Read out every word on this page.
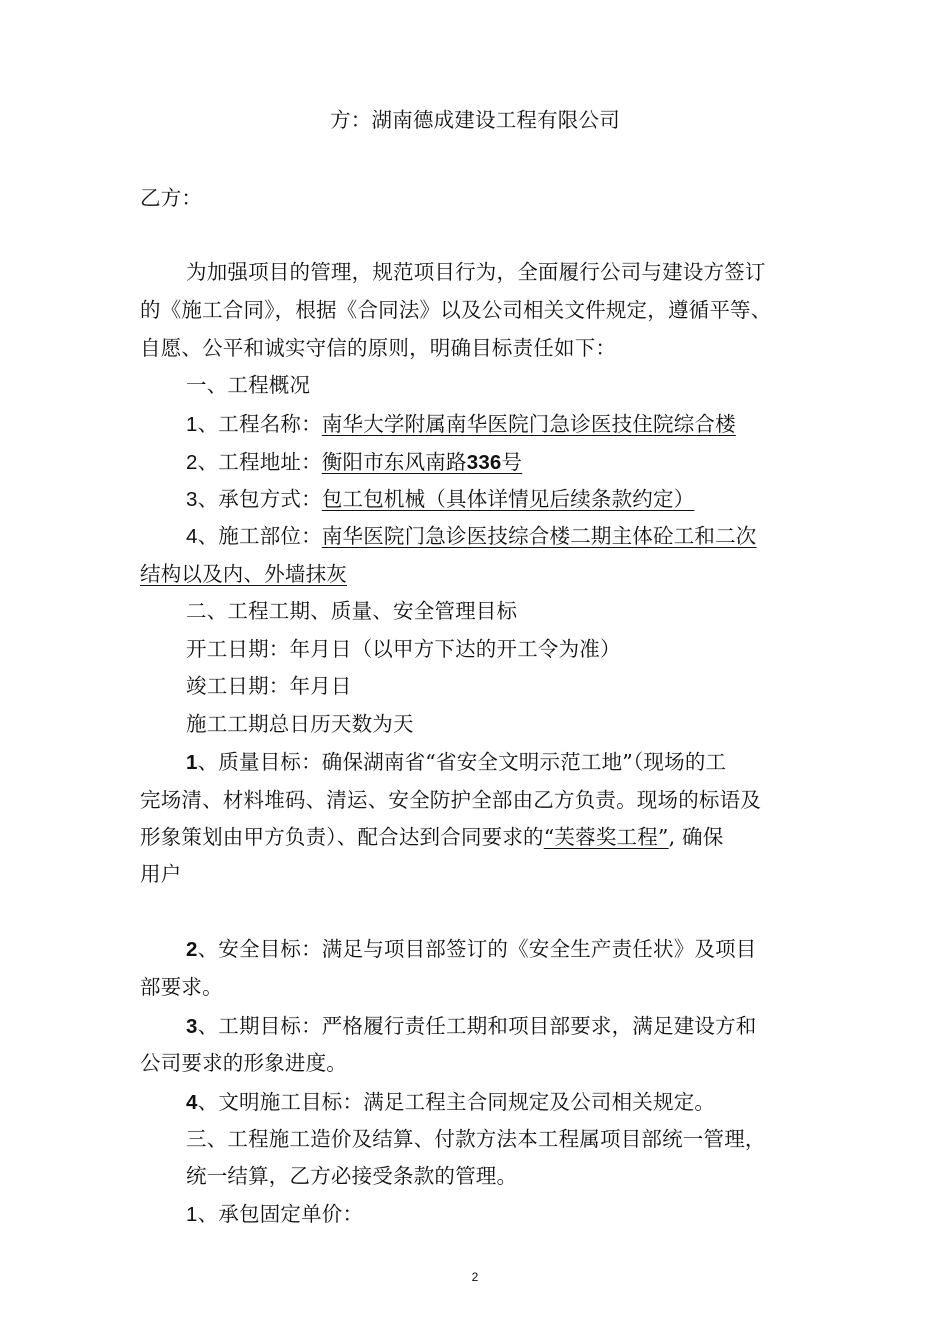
方：湖南德成建设工程有限公司
乙方：
为加强项目的管理，规范项目行为，全面履行公司与建设方签订
的《施工合同》，根据《合同法》以及公司相关文件规定，遵循平等、
自愿、公平和诚实守信的原则，明确目标责任如下：
一、工程概况
1、工程名称：南华大学附属南华医院门急诊医技住院综合楼
2、工程地址：衡阳市东风南路336号
3、承包方式：包工包机械（具体详情见后续条款约定）
4、施工部位：南华医院门急诊医技综合楼二期主体砼工和二次
结构以及内、外墙抹灰
二、工程工期、质量、安全管理目标
开工日期：年月日（以甲方下达的开工令为准）
竣工日期：年月日
施工工期总日历天数为天
1、质量目标：确保湖南省“省安全文明示范工地”（现场的工
完场清、材料堆码、清运、安全防护全部由乙方负责。现场的标语及
形象策划由甲方负责）、配合达到合同要求的“芙蓉奖工程”, 确保
用户
2、安全目标：满足与项目部签订的《安全生产责任状》及项目
部要求。
3、工期目标：严格履行责任工期和项目部要求，满足建设方和
公司要求的形象进度。
4、文明施工目标：满足工程主合同规定及公司相关规定。
三、工程施工造价及结算、付款方法本工程属项目部统一管理，
统一结算，乙方必接受条款的管理。
1、承包固定单价：
2
